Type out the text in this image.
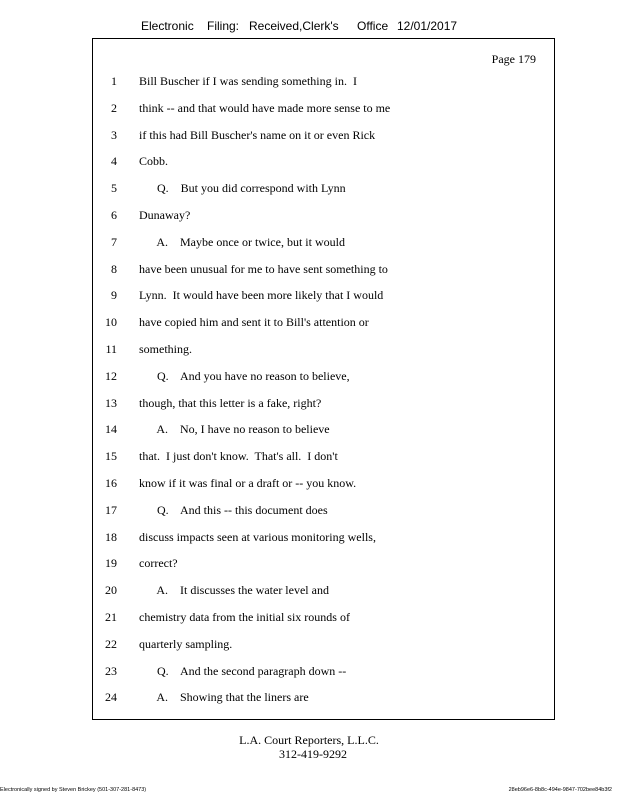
Electronic Filing: Received,Clerk's Office 12/01/2017
Page 179
1 Bill Buscher if I was sending something in.  I
2 think -- and that would have made more sense to me
3 if this had Bill Buscher's name on it or even Rick
4 Cobb.
5 Q.    But you did correspond with Lynn
6 Dunaway?
7 A.    Maybe once or twice, but it would
8 have been unusual for me to have sent something to
9 Lynn.  It would have been more likely that I would
10 have copied him and sent it to Bill's attention or
11 something.
12 Q.    And you have no reason to believe,
13 though, that this letter is a fake, right?
14 A.    No, I have no reason to believe
15 that.  I just don't know.  That's all.  I don't
16 know if it was final or a draft or -- you know.
17 Q.    And this -- this document does
18 discuss impacts seen at various monitoring wells,
19 correct?
20 A.    It discusses the water level and
21 chemistry data from the initial six rounds of
22 quarterly sampling.
23 Q.    And the second paragraph down --
24 A.    Showing that the liners are
L.A. Court Reporters, L.L.C.
312-419-9292
Electronically signed by Steven Brickey (501-307-281-8473)	28eb96e6-8b8c-494e-9847-702bee84b3f2
